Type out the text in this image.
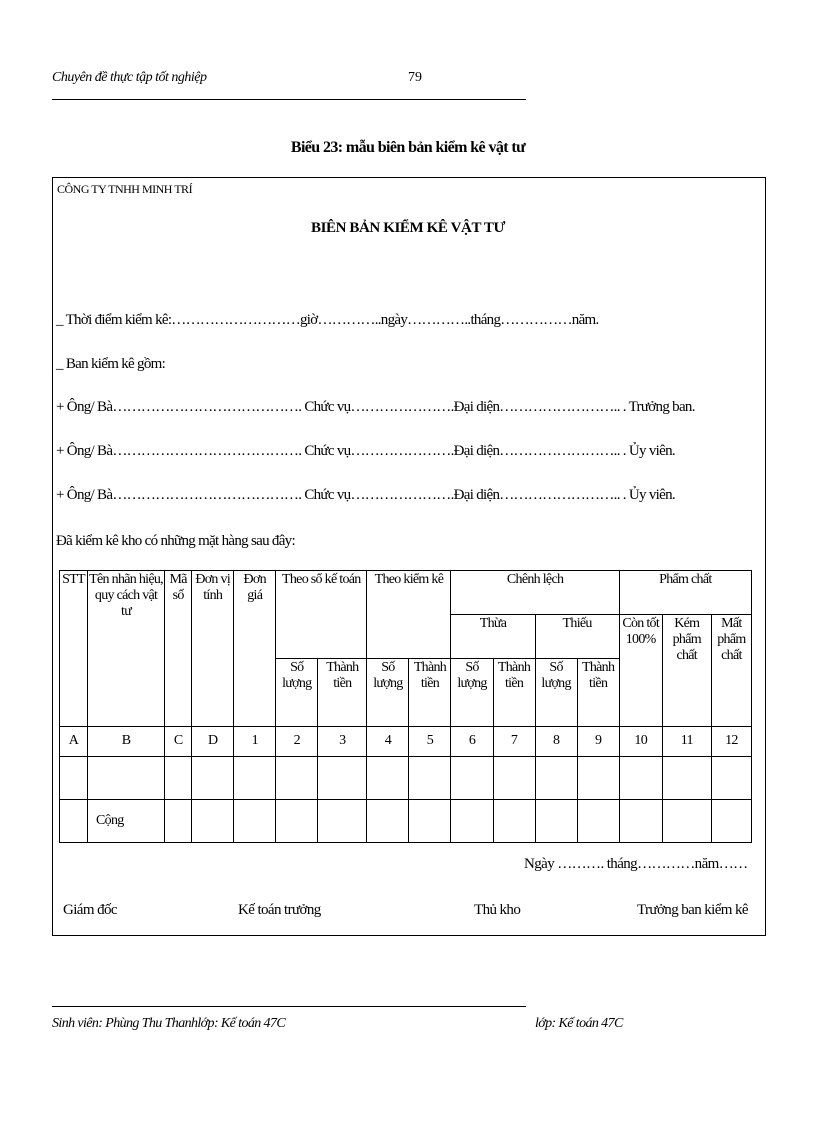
Chuyên đề thực tập tốt nghiệp	79
Biểu 23: mẫu biên bản kiểm kê vật tư
CÔNG TY TNHH MINH TRÍ
BIÊN BẢN KIỂM KÊ VẬT TƯ
_ Thời điểm kiểm kê:………………………giờ…………..ngày…………..tháng……………năm.
_ Ban kiểm kê gồm:
+ Ông/ Bà…………………………………. Chức vụ………………….Đại diện…………………….. . Trưởng ban.
+ Ông/ Bà…………………………………. Chức vụ………………….Đại diện…………………….. . Ủy viên.
+ Ông/ Bà…………………………………. Chức vụ………………….Đại diện…………………….. . Ủy viên.
Đã kiểm kê kho có những mặt hàng sau đây:
STT	Tên nhãn hiệu, quy cách vật tư	Mã số	Đơn vị tính	Đơn giá	Theo sổ kế toán		Theo kiểm kê		Chênh lệch				Phẩm chất		
									Thừa		Thiếu		Còn tốt 100%	Kém phẩm chất	Mất phẩm chất
					Số lượng	Thành tiền	Số lượng	Thành tiền	Số lượng	Thành tiền	Số lượng	Thành tiền			
A	B	C	D	1	2	3	4	5	6	7	8	9	10	11	12

	Cộng														
Ngày ………. tháng…………năm……
Giám đốc	Kế toán trưởng	Thủ kho	Trưởng ban kiểm kê
Sinh viên: Phùng Thu Thanhlớp: Kế toán 47C	lớp: Kế toán 47C
